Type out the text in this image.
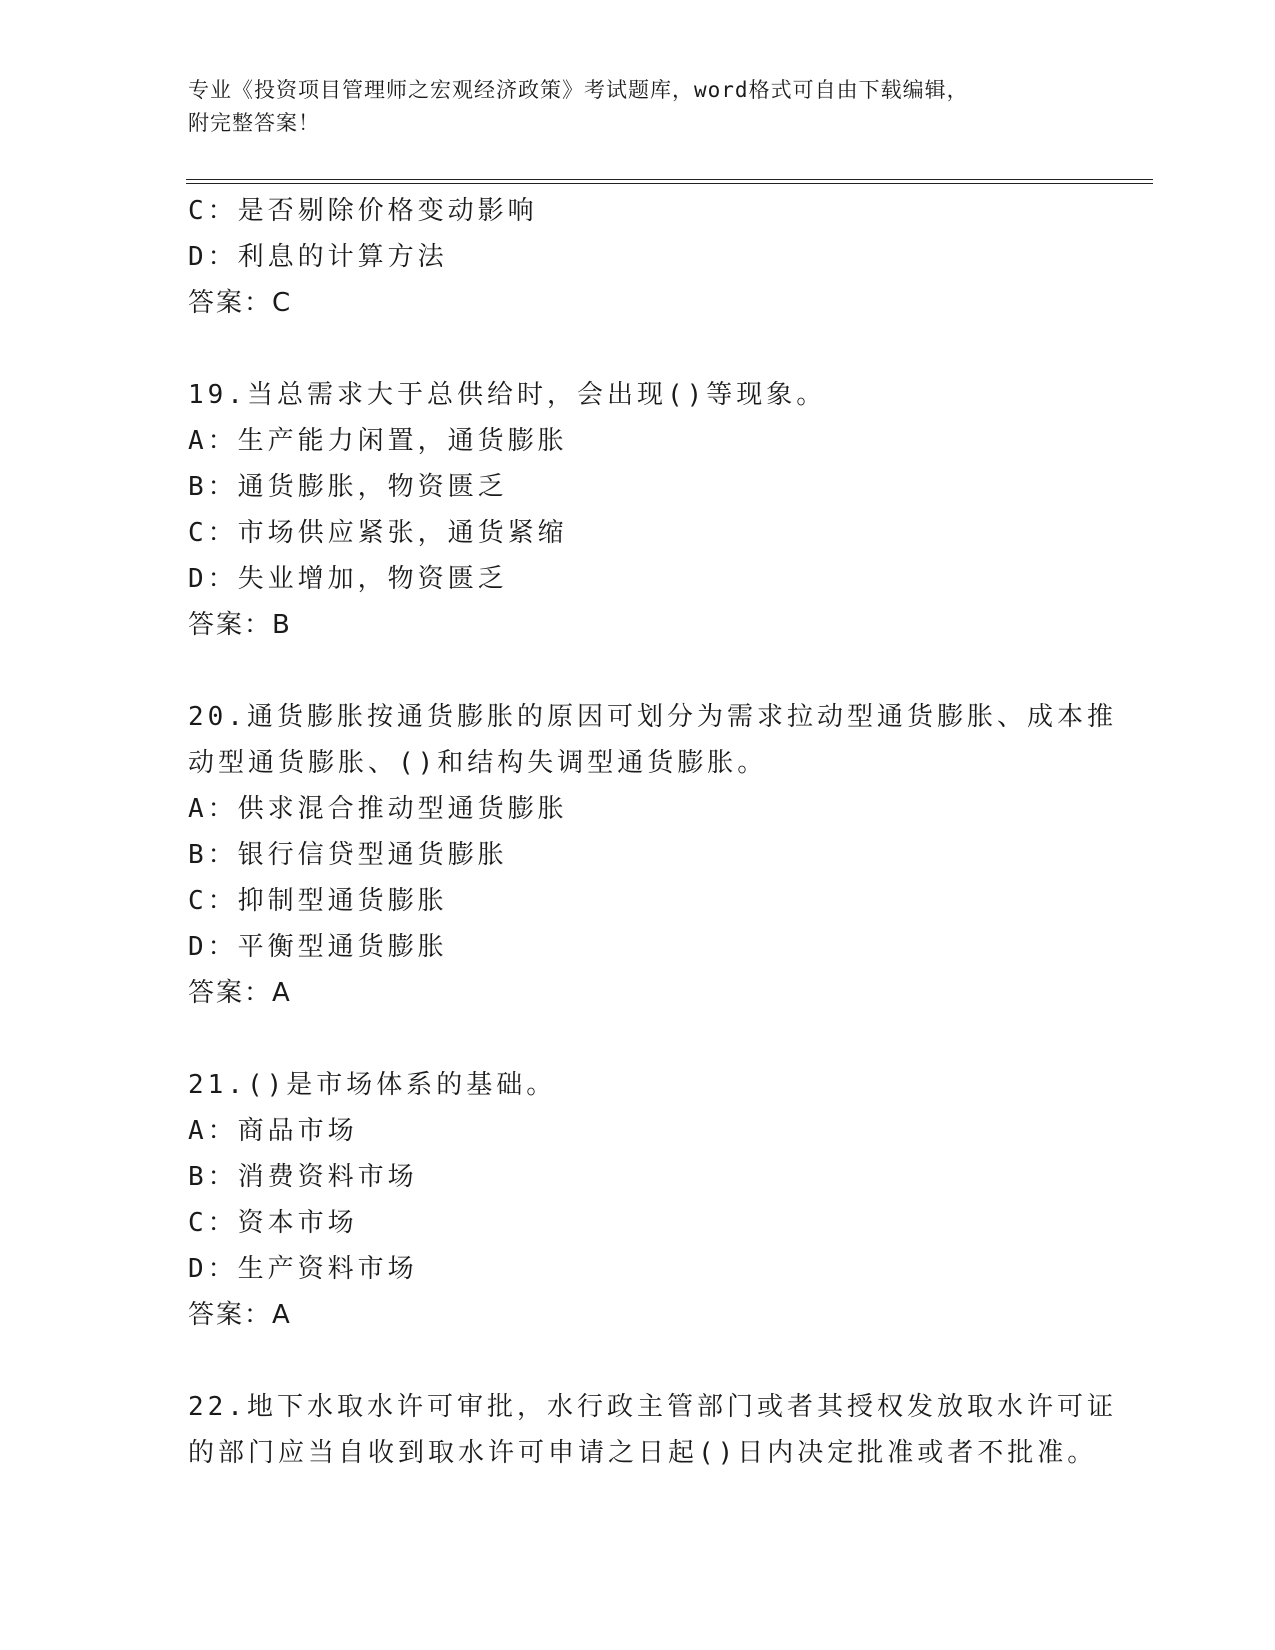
专业《投资项目管理师之宏观经济政策》考试题库，word格式可自由下载编辑，
附完整答案！
C：是否剔除价格变动影响
D：利息的计算方法
答案：C
19.当总需求大于总供给时，会出现()等现象。
A：生产能力闲置，通货膨胀
B：通货膨胀，物资匮乏
C：市场供应紧张，通货紧缩
D：失业增加，物资匮乏
答案：B
20.通货膨胀按通货膨胀的原因可划分为需求拉动型通货膨胀、成本推
动型通货膨胀、()和结构失调型通货膨胀。
A：供求混合推动型通货膨胀
B：银行信贷型通货膨胀
C：抑制型通货膨胀
D：平衡型通货膨胀
答案：A
21.()是市场体系的基础。
A：商品市场
B：消费资料市场
C：资本市场
D：生产资料市场
答案：A
22.地下水取水许可审批，水行政主管部门或者其授权发放取水许可证
的部门应当自收到取水许可申请之日起()日内决定批准或者不批准。
